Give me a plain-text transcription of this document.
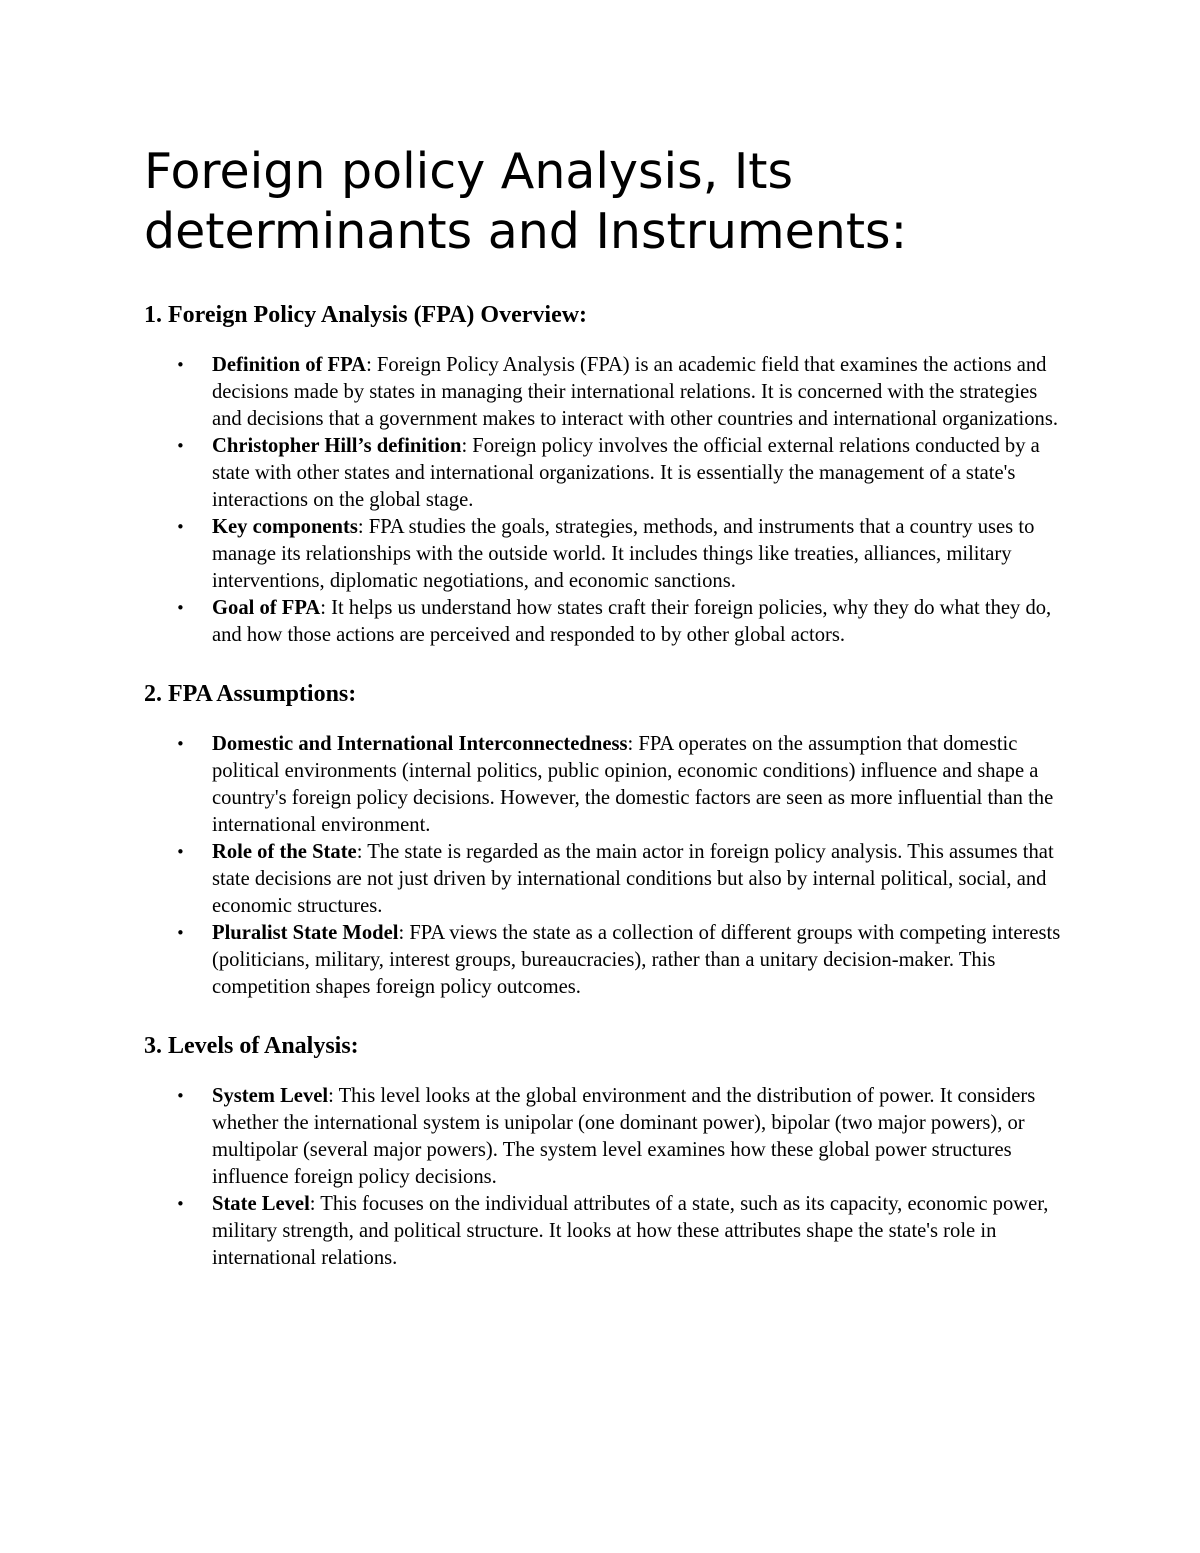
Foreign policy Analysis, Its determinants and Instruments:
1. Foreign Policy Analysis (FPA) Overview:
• Definition of FPA: Foreign Policy Analysis (FPA) is an academic field that examines the actions and decisions made by states in managing their international relations. It is concerned with the strategies and decisions that a government makes to interact with other countries and international organizations.
• Christopher Hill’s definition: Foreign policy involves the official external relations conducted by a state with other states and international organizations. It is essentially the management of a state's interactions on the global stage.
• Key components: FPA studies the goals, strategies, methods, and instruments that a country uses to manage its relationships with the outside world. It includes things like treaties, alliances, military interventions, diplomatic negotiations, and economic sanctions.
• Goal of FPA: It helps us understand how states craft their foreign policies, why they do what they do, and how those actions are perceived and responded to by other global actors.
2. FPA Assumptions:
• Domestic and International Interconnectedness: FPA operates on the assumption that domestic political environments (internal politics, public opinion, economic conditions) influence and shape a country's foreign policy decisions. However, the domestic factors are seen as more influential than the international environment.
• Role of the State: The state is regarded as the main actor in foreign policy analysis. This assumes that state decisions are not just driven by international conditions but also by internal political, social, and economic structures.
• Pluralist State Model: FPA views the state as a collection of different groups with competing interests (politicians, military, interest groups, bureaucracies), rather than a unitary decision-maker. This competition shapes foreign policy outcomes.
3. Levels of Analysis:
• System Level: This level looks at the global environment and the distribution of power. It considers whether the international system is unipolar (one dominant power), bipolar (two major powers), or multipolar (several major powers). The system level examines how these global power structures influence foreign policy decisions.
• State Level: This focuses on the individual attributes of a state, such as its capacity, economic power, military strength, and political structure. It looks at how these attributes shape the state's role in international relations.
